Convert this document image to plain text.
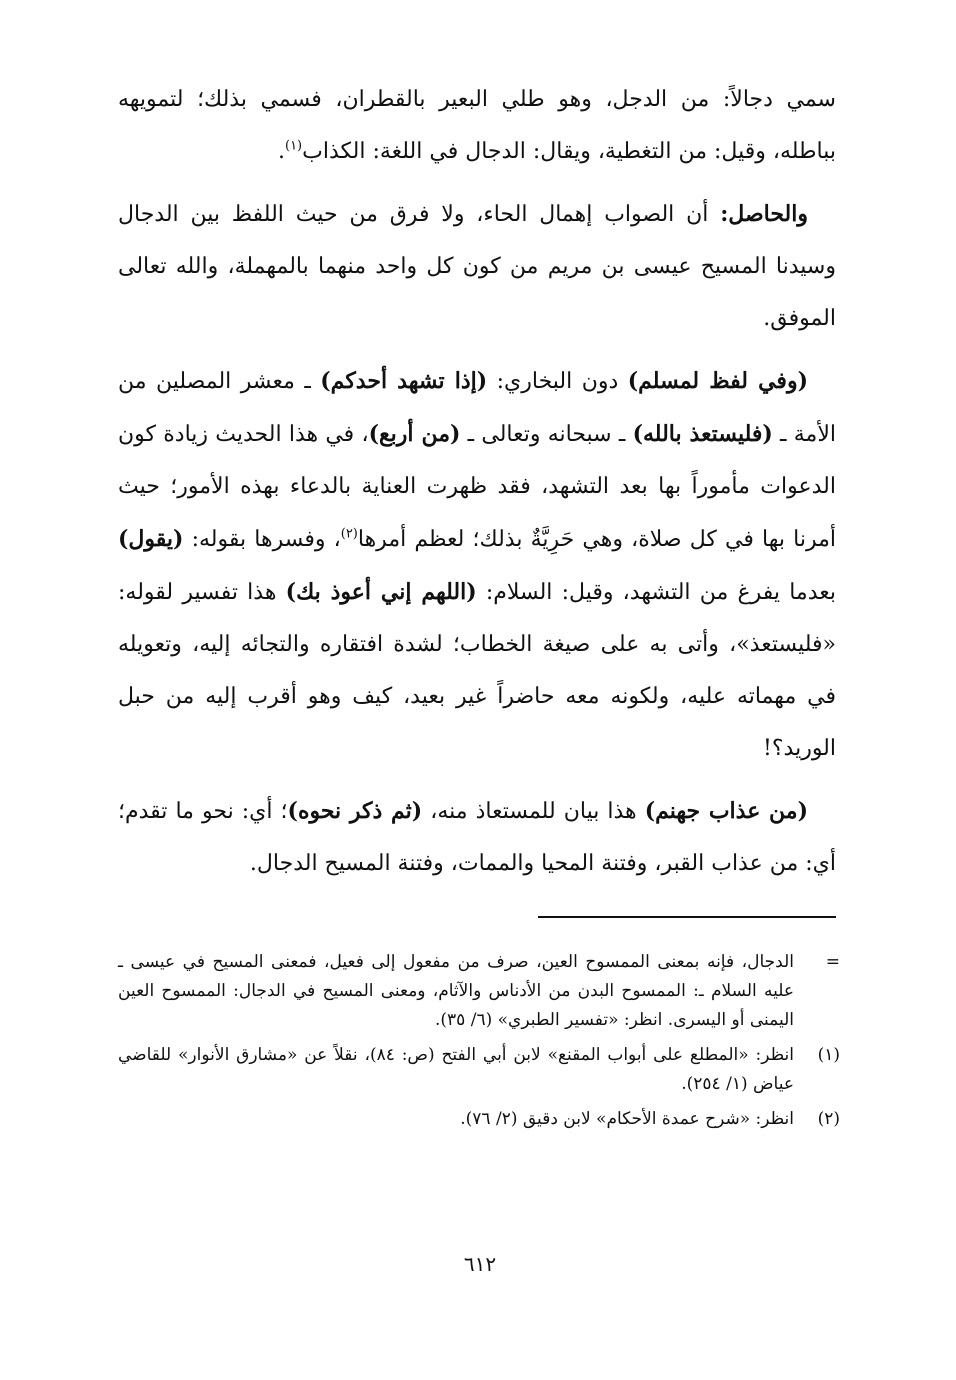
سمي دجالاً: من الدجل، وهو طلي البعير بالقطران، فسمي بذلك؛ لتمويهه بباطله، وقيل: من التغطية، ويقال: الدجال في اللغة: الكذاب$^{(١)}$.

والحاصل: أن الصواب إهمال الحاء، ولا فرق من حيث اللفظ بين الدجال وسيدنا المسيح عيسى بن مريم من كون كل واحد منهما بالمهملة، والله تعالى الموفق.

(وفي لفظ لمسلم) دون البخاري: (إذا تشهد أحدكم) ـ معشر المصلين من الأمة ـ (فليستعذ بالله) ـ سبحانه وتعالى ـ (من أربع)، في هذا الحديث زيادة كون الدعوات مأموراً بها بعد التشهد، فقد ظهرت العناية بالدعاء بهذه الأمور؛ حيث أمرنا بها في كل صلاة، وهي حَرِيَّةٌ بذلك؛ لعظم أمرها$^{(٢)}$، وفسرها بقوله: (يقول) بعدما يفرغ من التشهد، وقيل: السلام: (اللهم إني أعوذ بك) هذا تفسير لقوله: «فليستعذ»، وأتى به على صيغة الخطاب؛ لشدة افتقاره والتجائه إليه، وتعويله في مهماته عليه، ولكونه معه حاضراً غير بعيد، كيف وهو أقرب إليه من حبل الوريد؟!

(من عذاب جهنم) هذا بيان للمستعاذ منه، (ثم ذكر نحوه)؛ أي: نحو ما تقدم؛ أي: من عذاب القبر، وفتنة المحيا والممات، وفتنة المسيح الدجال.

=
الدجال، فإنه بمعنى الممسوح العين، صرف من مفعول إلى فعيل، فمعنى المسيح في عيسى ـ عليه السلام ـ: الممسوح البدن من الأدناس والآثام، ومعنى المسيح في الدجال: الممسوح العين اليمنى أو اليسرى. انظر: «تفسير الطبري» (٦/ ٣٥).
(١)
انظر: «المطلع على أبواب المقنع» لابن أبي الفتح (ص: ٨٤)، نقلاً عن «مشارق الأنوار» للقاضي عياض (١/ ٢٥٤).
(٢)
انظر: «شرح عمدة الأحكام» لابن دقيق (٢/ ٧٦).
٦١٢
